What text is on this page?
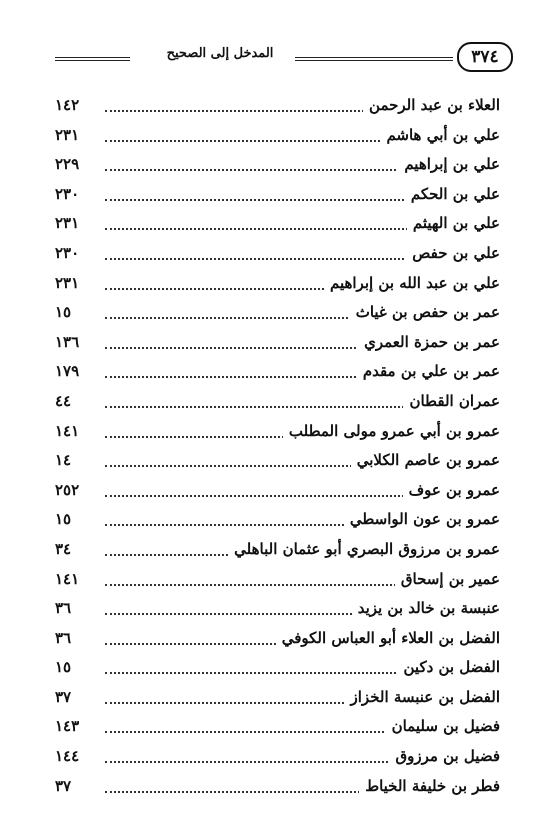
المدخل إلى الصحيح	٣٧٤
العلاء بن عبد الرحمن
١٤٢
علي بن أبي هاشم
٢٣١
علي بن إبراهيم
٢٢٩
علي بن الحكم
٢٣٠
علي بن الهيثم
٢٣١
علي بن حفص
٢٣٠
علي بن عبد الله بن إبراهيم
٢٣١
عمر بن حفص بن غياث
١٥
عمر بن حمزة العمري
١٣٦
عمر بن علي بن مقدم
١٧٩
عمران القطان
٤٤
عمرو بن أبي عمرو مولى المطلب
١٤١
عمرو بن عاصم الكلابي
١٤
عمرو بن عوف
٢٥٢
عمرو بن عون الواسطي
١٥
عمرو بن مرزوق البصري أبو عثمان الباهلي
٣٤
عمير بن إسحاق
١٤١
عنبسة بن خالد بن يزيد
٣٦
الفضل بن العلاء أبو العباس الكوفي
٣٦
الفضل بن دكين
١٥
الفضل بن عنبسة الخزاز
٣٧
فضيل بن سليمان
١٤٣
فضيل بن مرزوق
١٤٤
فطر بن خليفة الخياط
٣٧
